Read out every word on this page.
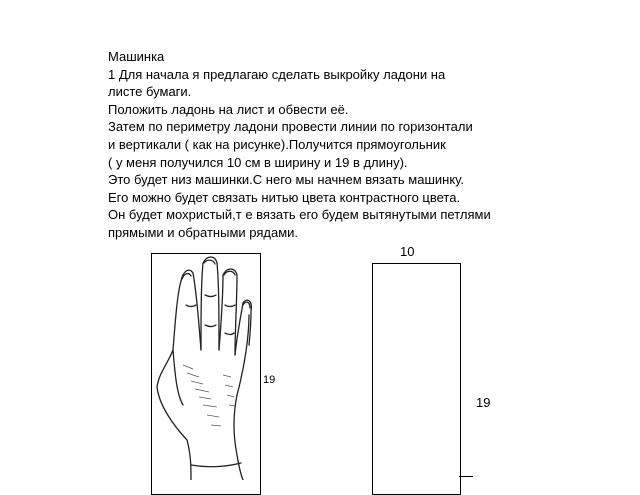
Машинка
1 Для начала я предлагаю сделать выкройку ладони на
листе бумаги.
Положить ладонь на лист и обвести её.
Затем по периметру ладони провести линии по горизонтали
и вертикали ( как на рисунке).Получится прямоугольник
( у меня получился 10 см в ширину и 19 в длину).
Это будет низ машинки.С него мы начнем вязать машинку.
Его можно будет связать нитью цвета контрастного цвета.
Он будет мохристый,т е вязать его будем вытянутыми петлями
прямыми и обратными рядами.
19
10
19
